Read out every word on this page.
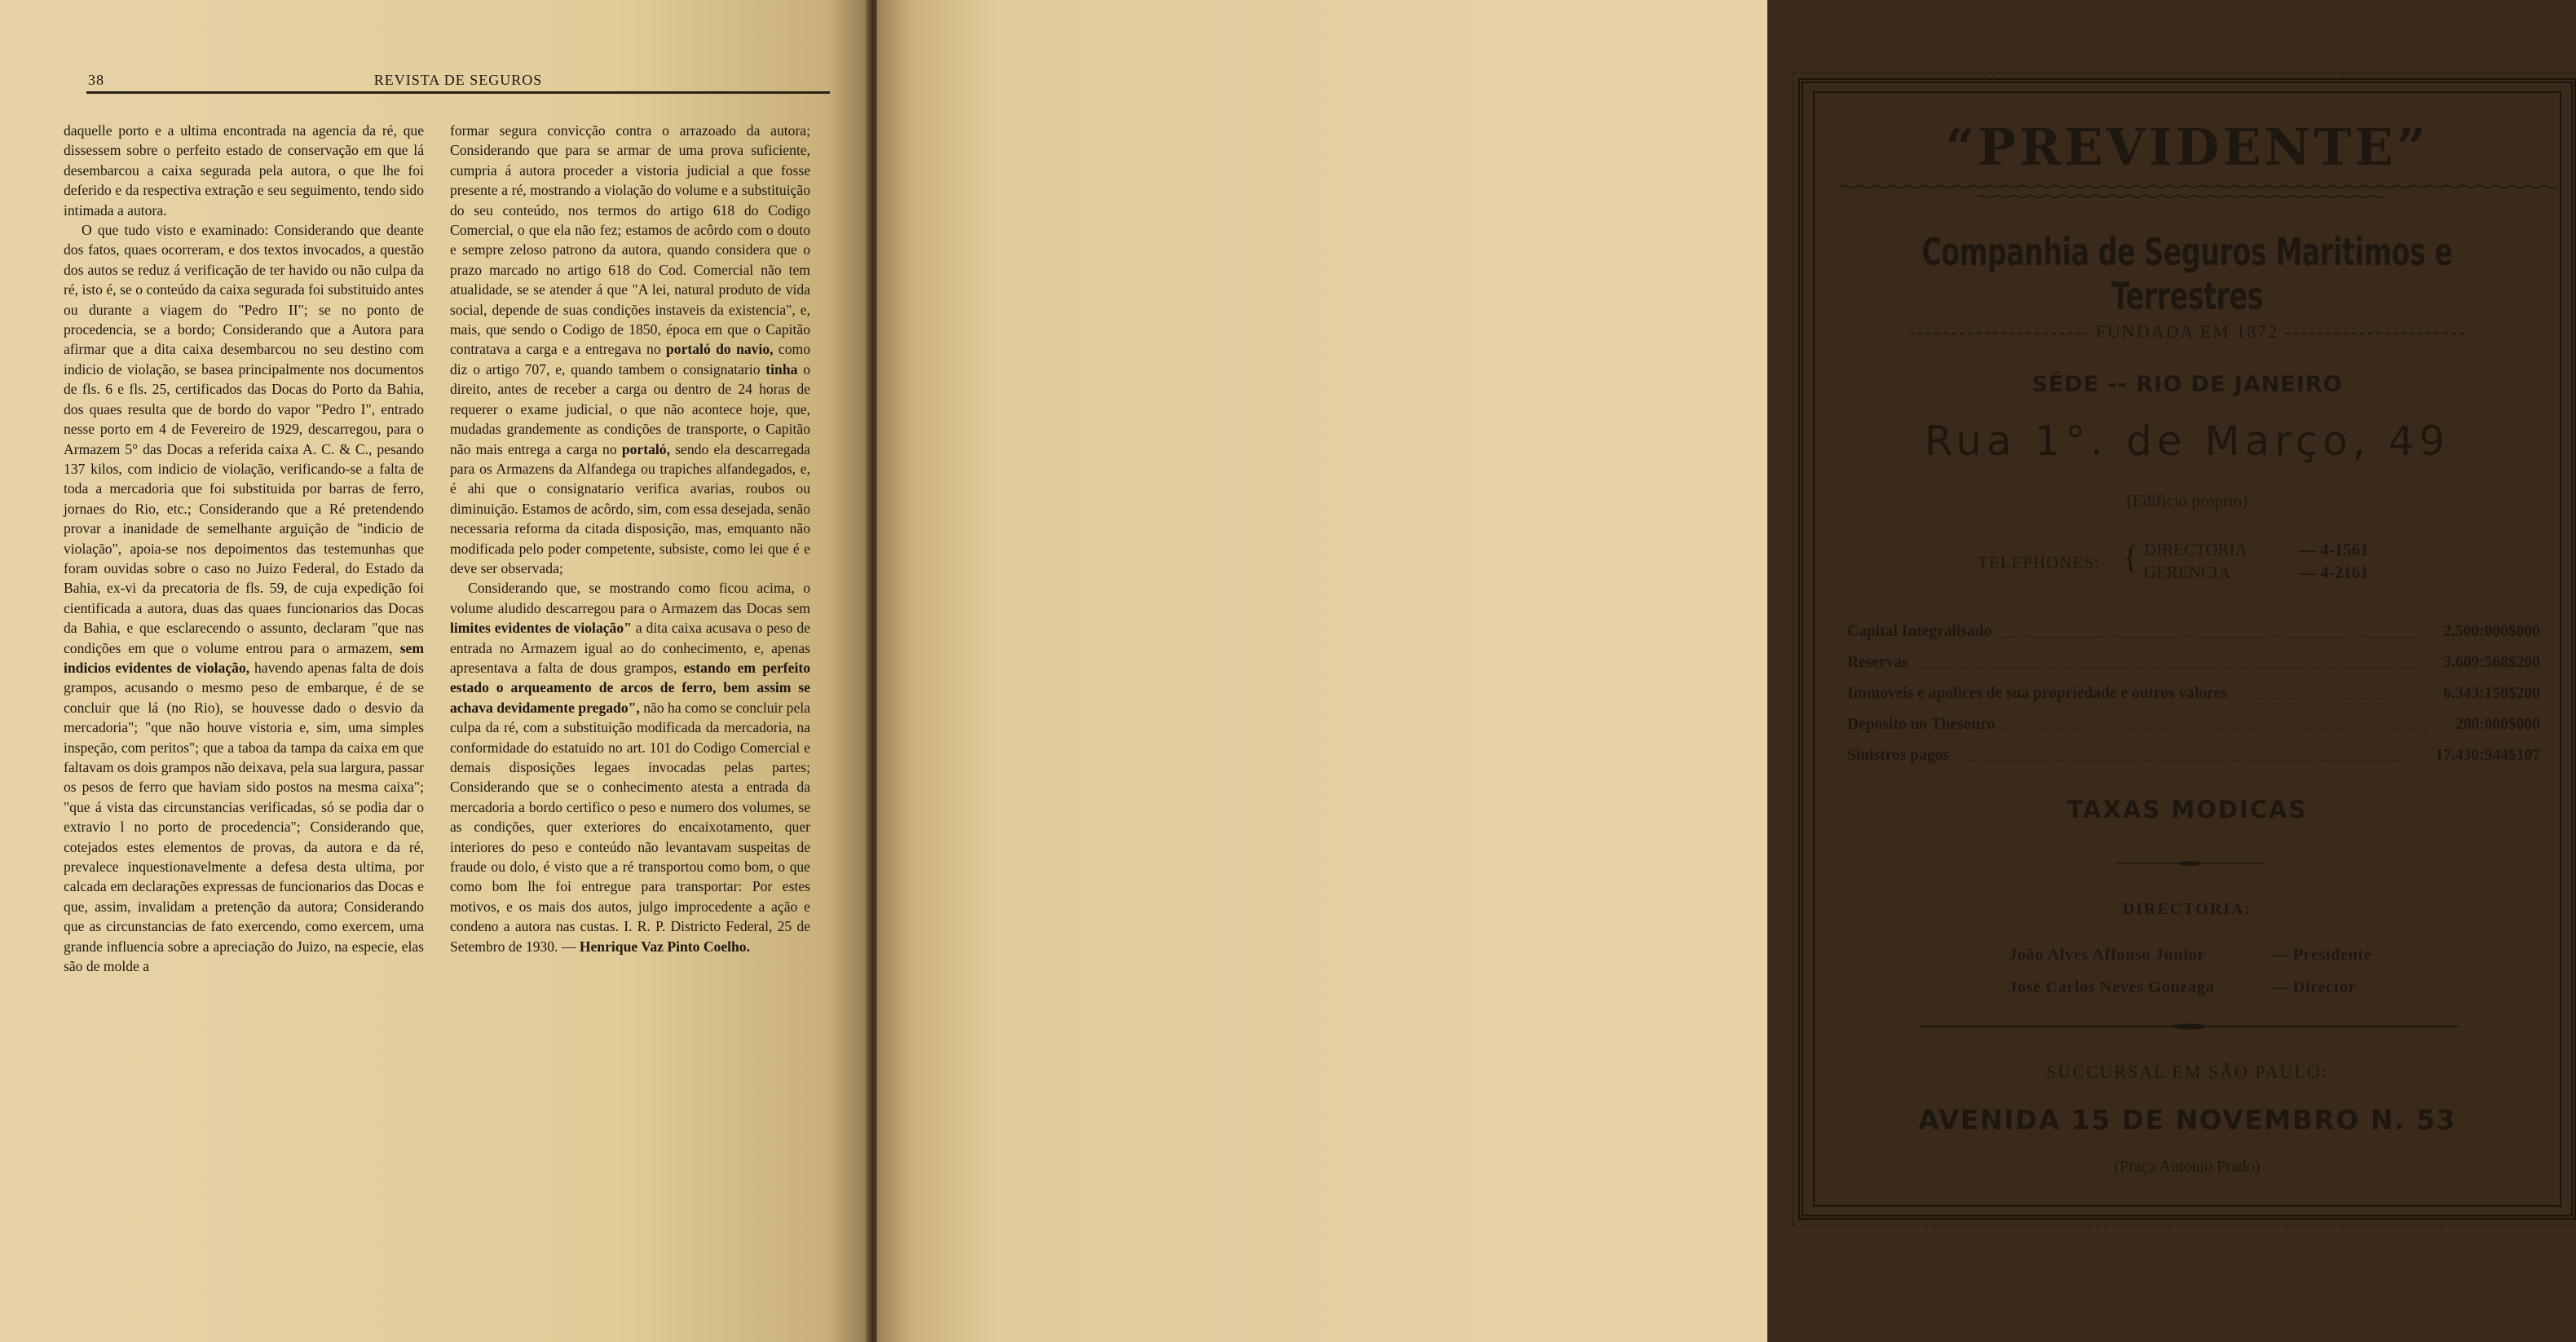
38	REVISTA DE SEGUROS

daquelle porto e a ultima encontrada na agencia da ré, que dissessem sobre o perfeito estado de conservação em que lá desembarcou a caixa segurada pela autora, o que lhe foi deferido e da respectiva extração e seu seguimento, tendo sido intimada a autora.

O que tudo visto e examinado: Considerando que deante dos fatos, quaes ocorreram, e dos textos invocados, a questão dos autos se reduz á verificação de ter havido ou não culpa da ré, isto é, se o conteúdo da caixa segurada foi substituido antes ou durante a viagem do "Pedro II"; se no ponto de procedencia, se a bordo; Considerando que a Autora para afirmar que a dita caixa desembarcou no seu destino com indicio de violação, se basea principalmente nos documentos de fls. 6 e fls. 25, certificados das Docas do Porto da Bahia, dos quaes resulta que de bordo do vapor "Pedro I", entrado nesse porto em 4 de Fevereiro de 1929, descarregou, para o Armazem 5° das Docas a referida caixa A. C. & C., pesando 137 kilos, com indicio de violação, verificando-se a falta de toda a mercadoria que foi substituida por barras de ferro, jornaes do Rio, etc.; Considerando que a Ré pretendendo provar a inanidade de semelhante arguição de "indicio de violação", apoia-se nos depoimentos das testemunhas que foram ouvidas sobre o caso no Juizo Federal, do Estado da Bahia, ex-vi da precatoria de fls. 59, de cuja expedição foi cientificada a autora, duas das quaes funcionarios das Docas da Bahia, e que esclarecendo o assunto, declaram "que nas condições em que o volume entrou para o armazem, sem indicios evidentes de violação, havendo apenas falta de dois grampos, acusando o mesmo peso de embarque, é de se concluir que lá (no Rio), se houvesse dado o desvio da mercadoria"; "que não houve vistoria e, sim, uma simples inspeção, com peritos"; que a taboa da tampa da caixa em que faltavam os dois grampos não deixava, pela sua largura, passar os pesos de ferro que haviam sido postos na mesma caixa"; "que á vista das circunstancias verificadas, só se podia dar o extravio l no porto de procedencia"; Considerando que, cotejados estes elementos de provas, da autora e da ré, prevalece inquestionavelmente a defesa desta ultima, por calcada em declarações expressas de funcionarios das Docas e que, assim, invalidam a pretenção da autora; Considerando que as circunstancias de fato exercendo, como exercem, uma grande influencia sobre a apreciação do Juizo, na especie, elas são de molde a

formar segura convicção contra o arrazoado da autora; Considerando que para se armar de uma prova suficiente, cumpria á autora proceder a vistoria judicial a que fosse presente a ré, mostrando a violação do volume e a substituição do seu conteúdo, nos termos do artigo 618 do Codigo Comercial, o que ela não fez; estamos de acôrdo com o douto e sempre zeloso patrono da autora, quando considera que o prazo marcado no artigo 618 do Cod. Comercial não tem atualidade, se se atender á que "A lei, natural produto de vida social, depende de suas condições instaveis da existencia", e, mais, que sendo o Codigo de 1850, época em que o Capitão contratava a carga e a entregava no portaló do navio, como diz o artigo 707, e, quando tambem o consignatario tinha o direito, antes de receber a carga ou dentro de 24 horas de requerer o exame judicial, o que não acontece hoje, que, mudadas grandemente as condições de transporte, o Capitão não mais entrega a carga no portaló, sendo ela descarregada para os Armazens da Alfandega ou trapiches alfandegados, e, é ahi que o consignatario verifica avarias, roubos ou diminuição. Estamos de acôrdo, sim, com essa desejada, senão necessaria reforma da citada disposição, mas, emquanto não modificada pelo poder competente, subsiste, como lei que é e deve ser observada;

Considerando que, se mostrando como ficou acima, o volume aludido descarregou para o Armazem das Docas sem limites evidentes de violação" a dita caixa acusava o peso de entrada no Armazem igual ao do conhecimento, e, apenas apresentava a falta de dous grampos, estando em perfeito estado o arqueamento de arcos de ferro, bem assim se achava devidamente pregado", não ha como se concluir pela culpa da ré, com a substituição modificada da mercadoria, na conformidade do estatuido no art. 101 do Codigo Comercial e demais disposições legaes invocadas pelas partes; Considerando que se o conhecimento atesta a entrada da mercadoria a bordo certifico o peso e numero dos volumes, se as condições, quer exteriores do encaixotamento, quer interiores do peso e conteúdo não levantavam suspeitas de fraude ou dolo, é visto que a ré transportou como bom, o que como bom lhe foi entregue para transportar: Por estes motivos, e os mais dos autos, julgo improcedente a ação e condeno a autora nas custas. I. R. P. Districto Federal, 25 de Setembro de 1930. — Henrique Vaz Pinto Coelho.

“PREVIDENTE”
Companhia de Seguros Maritimos e Terrestres
FUNDADA EM 1872
SÉDE -- RIO DE JANEIRO
Rua 1°. de Março, 49
(Edificio proprio)
TELEPHONES: { DIRECTORIA	— 4-1561
GERENCIA	— 4-2161
Capital Integralisado	2.500:000$000
Reservas	3.609:568$200
Immoveis e apolices de sua propriedade e outros valores	6.343:150$200
Deposito no Thesouro	200:000$000
Sinistros pagos	17.430:944$107
TAXAS MODICAS
DIRECTORIA:
João Alves Affonso Junior	— Presidente
José Carlos Neves Gonzaga	— Director
SUCCURSAL EM SÃO PAULO:
AVENIDA 15 DE NOVEMBRO N. 53
(Praça Antonio Prado)
